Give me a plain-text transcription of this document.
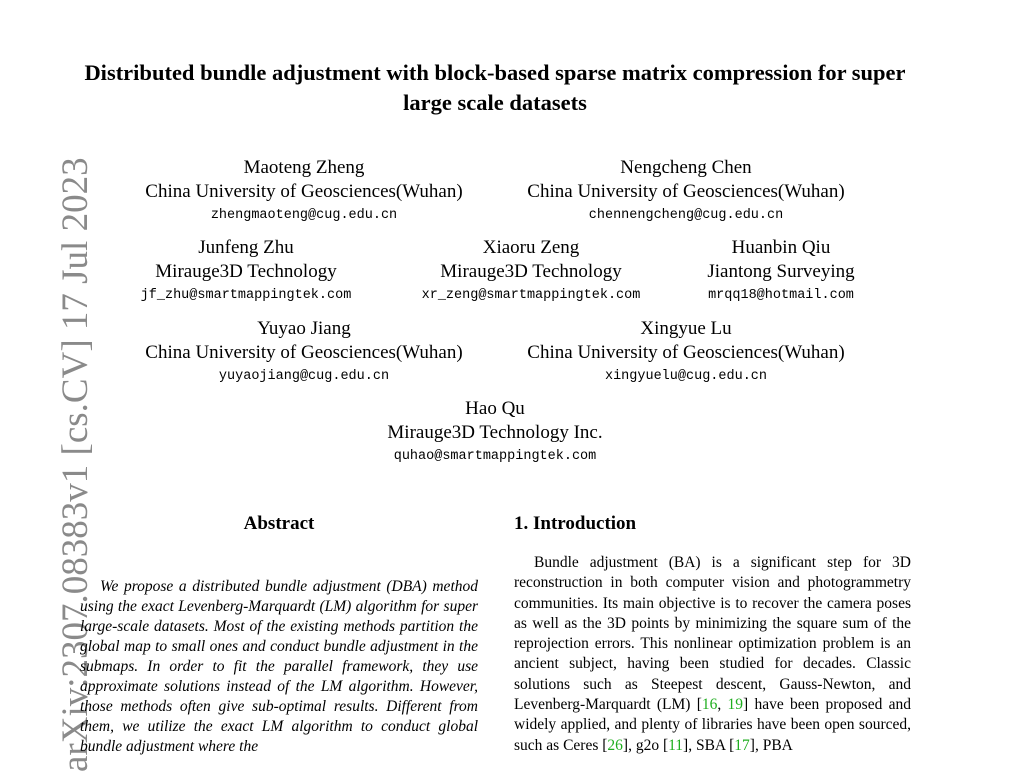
arXiv:2307.08383v1 [cs.CV] 17 Jul 2023
Distributed bundle adjustment with block-based sparse matrix compression for super large scale datasets
Maoteng Zheng
China University of Geosciences(Wuhan)
zhengmaoteng@cug.edu.cn
Nengcheng Chen
China University of Geosciences(Wuhan)
chennengcheng@cug.edu.cn
Junfeng Zhu
Mirauge3D Technology
jf_zhu@smartmappingtek.com
Xiaoru Zeng
Mirauge3D Technology
xr_zeng@smartmappingtek.com
Huanbin Qiu
Jiantong Surveying
mrqq18@hotmail.com
Yuyao Jiang
China University of Geosciences(Wuhan)
yuyaojiang@cug.edu.cn
Xingyue Lu
China University of Geosciences(Wuhan)
xingyuelu@cug.edu.cn
Hao Qu
Mirauge3D Technology Inc.
quhao@smartmappingtek.com
Abstract
We propose a distributed bundle adjustment (DBA) method using the exact Levenberg-Marquardt (LM) algorithm for super large-scale datasets. Most of the existing methods partition the global map to small ones and conduct bundle adjustment in the submaps. In order to fit the parallel framework, they use approximate solutions instead of the LM algorithm. However, those methods often give sub-optimal results. Different from them, we utilize the exact LM algorithm to conduct global bundle adjustment where the
1. Introduction
Bundle adjustment (BA) is a significant step for 3D reconstruction in both computer vision and photogrammetry communities. Its main objective is to recover the camera poses as well as the 3D points by minimizing the square sum of the reprojection errors. This nonlinear optimization problem is an ancient subject, having been studied for decades. Classic solutions such as Steepest descent, Gauss-Newton, and Levenberg-Marquardt (LM) [16, 19] have been proposed and widely applied, and plenty of libraries have been open sourced, such as Ceres [26], g2o [11], SBA [17], PBA
